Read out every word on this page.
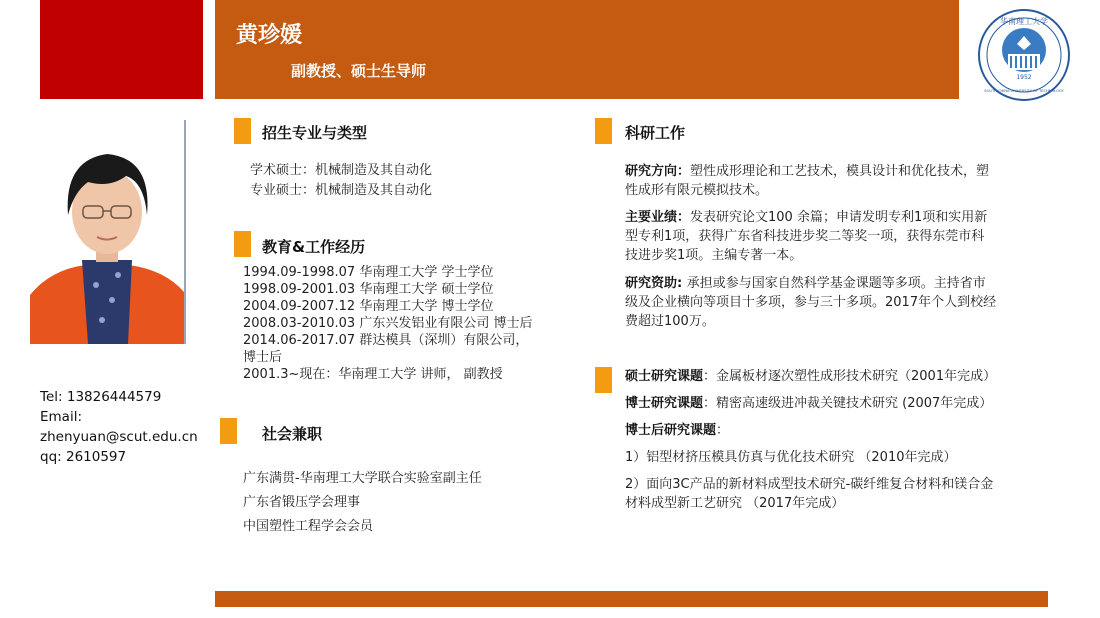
黄珍媛
副教授、硕士生导师	1952
华南理工大学
SOUTH CHINA UNIVERSITY OF TECHNOLOGY
Tel: 13826444579
Email:
zhenyuan@scut.edu.cn
qq: 2610597
招生专业与类型
学术硕士：机械制造及其自动化
专业硕士：机械制造及其自动化
教育&工作经历
1994.09-1998.07 华南理工大学 学士学位
1998.09-2001.03 华南理工大学 硕士学位
2004.09-2007.12 华南理工大学 博士学位
2008.03-2010.03 广东兴发铝业有限公司 博士后
2014.06-2017.07 群达模具（深圳）有限公司，
博士后
2001.3~现在：华南理工大学 讲师， 副教授
社会兼职
广东满贯-华南理工大学联合实验室副主任
广东省锻压学会理事
中国塑性工程学会会员
科研工作
研究方向：塑性成形理论和工艺技术，模具设计和优化技术，塑
性成形有限元模拟技术。
主要业绩：发表研究论文100 余篇；申请发明专利1项和实用新
型专利1项，获得广东省科技进步奖二等奖一项，获得东莞市科
技进步奖1项。主编专著一本。
研究资助: 承担或参与国家自然科学基金课题等多项。主持省市
级及企业横向等项目十多项，参与三十多项。2017年个人到校经
费超过100万。
硕士研究课题：金属板材逐次塑性成形技术研究（2001年完成）
博士研究课题：精密高速级进冲裁关键技术研究 (2007年完成）
博士后研究课题：
1）铝型材挤压模具仿真与优化技术研究 （2010年完成）
2）面向3C产品的新材料成型技术研究-碳纤维复合材料和镁合金
材料成型新工艺研究 （2017年完成）
